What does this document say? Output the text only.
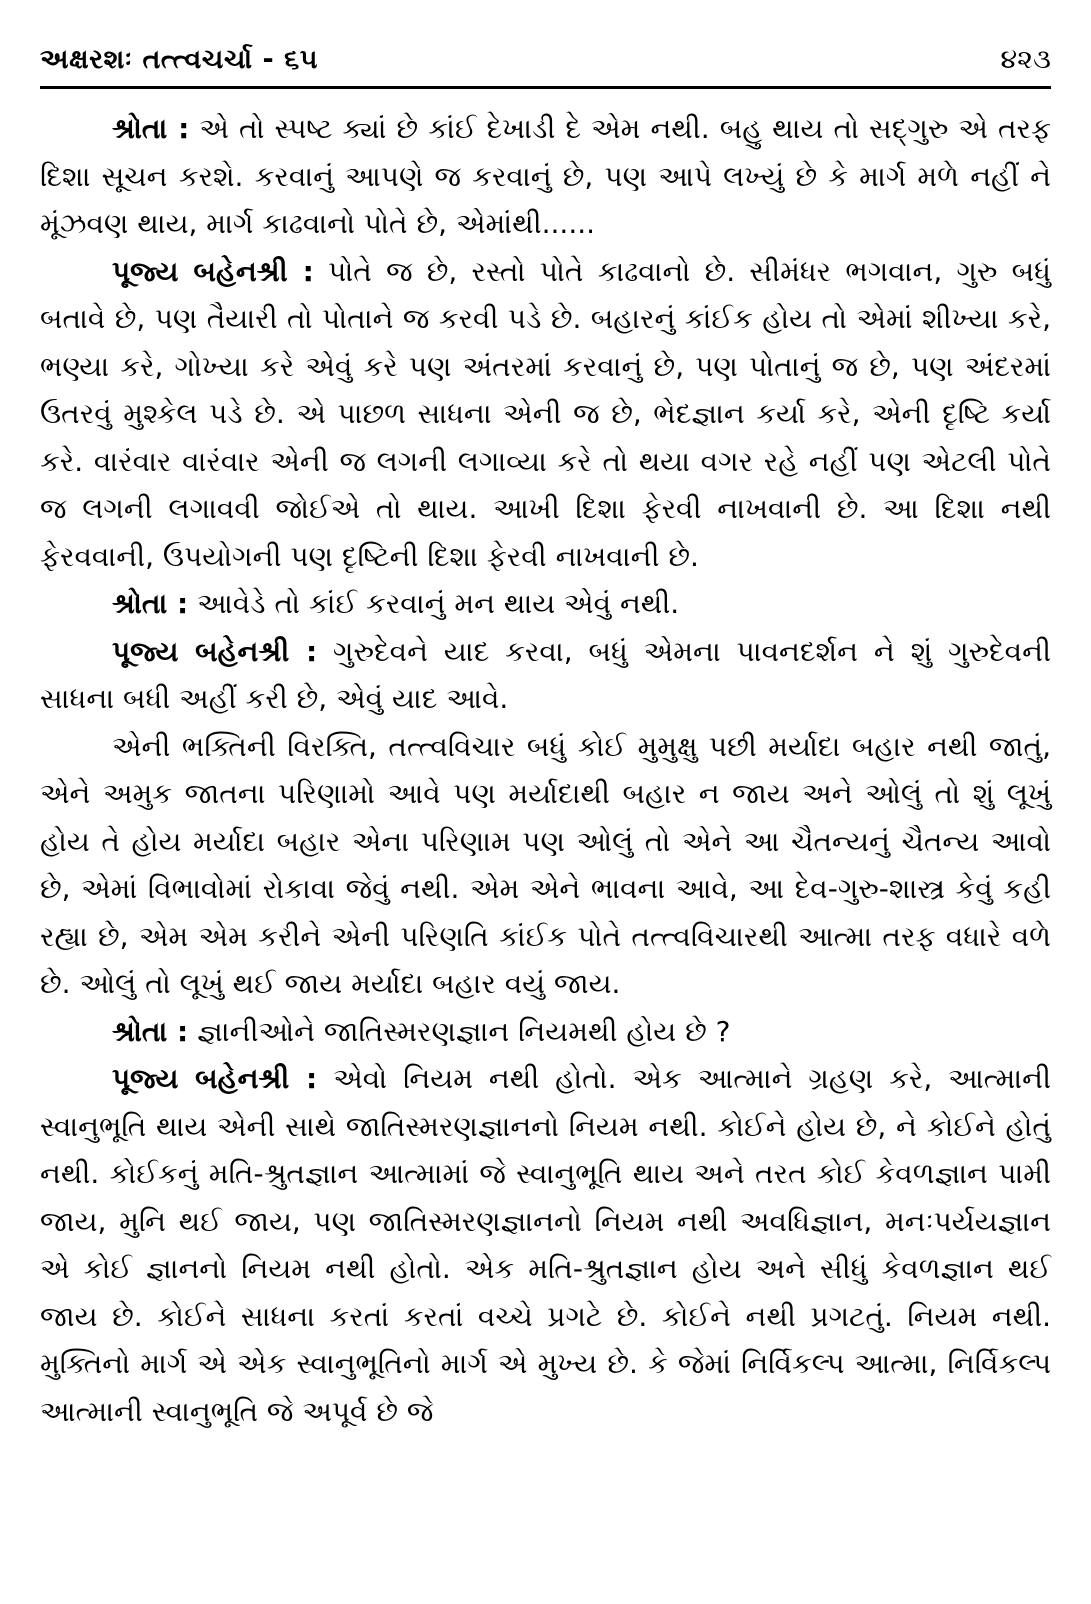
અક્ષરશઃ તત્ત્વચર્ચા - ૬૫	૪૨૩

શ્રોતા : એ તો સ્પષ્ટ ક્યાં છે કાંઈ દેખાડી દે એમ નથી. બહુ થાય તો સદ્‌ગુરુ એ તરફ દિશા સૂચન કરશે. કરવાનું આપણે જ કરવાનું છે, પણ આપે લખ્યું છે કે માર્ગ મળે નહીં ને મૂંઝવણ થાય, માર્ગ કાઢવાનો પોતે છે, એમાંથી......

પૂજ્ય બહેનશ્રી : પોતે જ છે, રસ્તો પોતે કાઢવાનો છે. સીમંધર ભગવાન, ગુરુ બધું બતાવે છે, પણ તૈયારી તો પોતાને જ કરવી પડે છે. બહારનું કાંઈક હોય તો એમાં શીખ્યા કરે, ભણ્યા કરે, ગોખ્યા કરે એવું કરે પણ અંતરમાં કરવાનું છે, પણ પોતાનું જ છે, પણ અંદરમાં ઉતરવું મુશ્કેલ પડે છે. એ પાછળ સાધના એની જ છે, ભેદજ્ઞાન કર્યા કરે, એની દૃષ્ટિ કર્યા કરે. વારંવાર વારંવાર એની જ લગની લગાવ્યા કરે તો થયા વગર રહે નહીં પણ એટલી પોતે જ લગની લગાવવી જોઈએ તો થાય. આખી દિશા ફેરવી નાખવાની છે. આ દિશા નથી ફેરવવાની, ઉપયોગની પણ દૃષ્ટિની દિશા ફેરવી નાખવાની છે.

શ્રોતા : આવેડે તો કાંઈ કરવાનું મન થાય એવું નથી.

પૂજ્ય બહેનશ્રી : ગુરુદેવને યાદ કરવા, બધું એમના પાવનદર્શન ને શું ગુરુદેવની સાધના બધી અહીં કરી છે, એવું યાદ આવે.

એની ભક્તિની વિરક્તિ, તત્ત્વવિચાર બધું કોઈ મુમુક્ષુ પછી મર્યાદા બહાર નથી જાતું, એને અમુક જાતના પરિણામો આવે પણ મર્યાદાથી બહાર ન જાય અને ઓલું તો શું લૂખું હોય તે હોય મર્યાદા બહાર એના પરિણામ પણ ઓલું તો એને આ ચૈતન્યનું ચૈતન્ય આવો છે, એમાં વિભાવોમાં રોકાવા જેવું નથી. એમ એને ભાવના આવે, આ દેવ-ગુરુ-શાસ્ત્ર કેવું કહી રહ્યા છે, એમ એમ કરીને એની પરિણતિ કાંઈક પોતે તત્ત્વવિચારથી આત્મા તરફ વધારે વળે છે. ઓલું તો લૂખું થઈ જાય મર્યાદા બહાર વયું જાય.

શ્રોતા : જ્ઞાનીઓને જાતિસ્મરણજ્ઞાન નિયમથી હોય છે ?

પૂજ્ય બહેનશ્રી : એવો નિયમ નથી હોતો. એક આત્માને ગ્રહણ કરે, આત્માની સ્વાનુભૂતિ થાય એની સાથે જાતિસ્મરણજ્ઞાનનો નિયમ નથી. કોઈને હોય છે, ને કોઈને હોતું નથી. કોઈકનું મતિ-શ્રુતજ્ઞાન આત્મામાં જે સ્વાનુભૂતિ થાય અને તરત કોઈ કેવળજ્ઞાન પામી જાય, મુનિ થઈ જાય, પણ જાતિસ્મરણજ્ઞાનનો નિયમ નથી અવધિજ્ઞાન, મનઃપર્યયજ્ઞાન એ કોઈ જ્ઞાનનો નિયમ નથી હોતો. એક મતિ-શ્રુતજ્ઞાન હોય અને સીધું કેવળજ્ઞાન થઈ જાય છે. કોઈને સાધના કરતાં કરતાં વચ્ચે પ્રગટે છે. કોઈને નથી પ્રગટતું. નિયમ નથી. મુક્તિનો માર્ગ એ એક સ્વાનુભૂતિનો માર્ગ એ મુખ્ય છે. કે જેમાં નિર્વિકલ્પ આત્મા, નિર્વિકલ્પ આત્માની સ્વાનુભૂતિ જે અપૂર્વ છે જે
